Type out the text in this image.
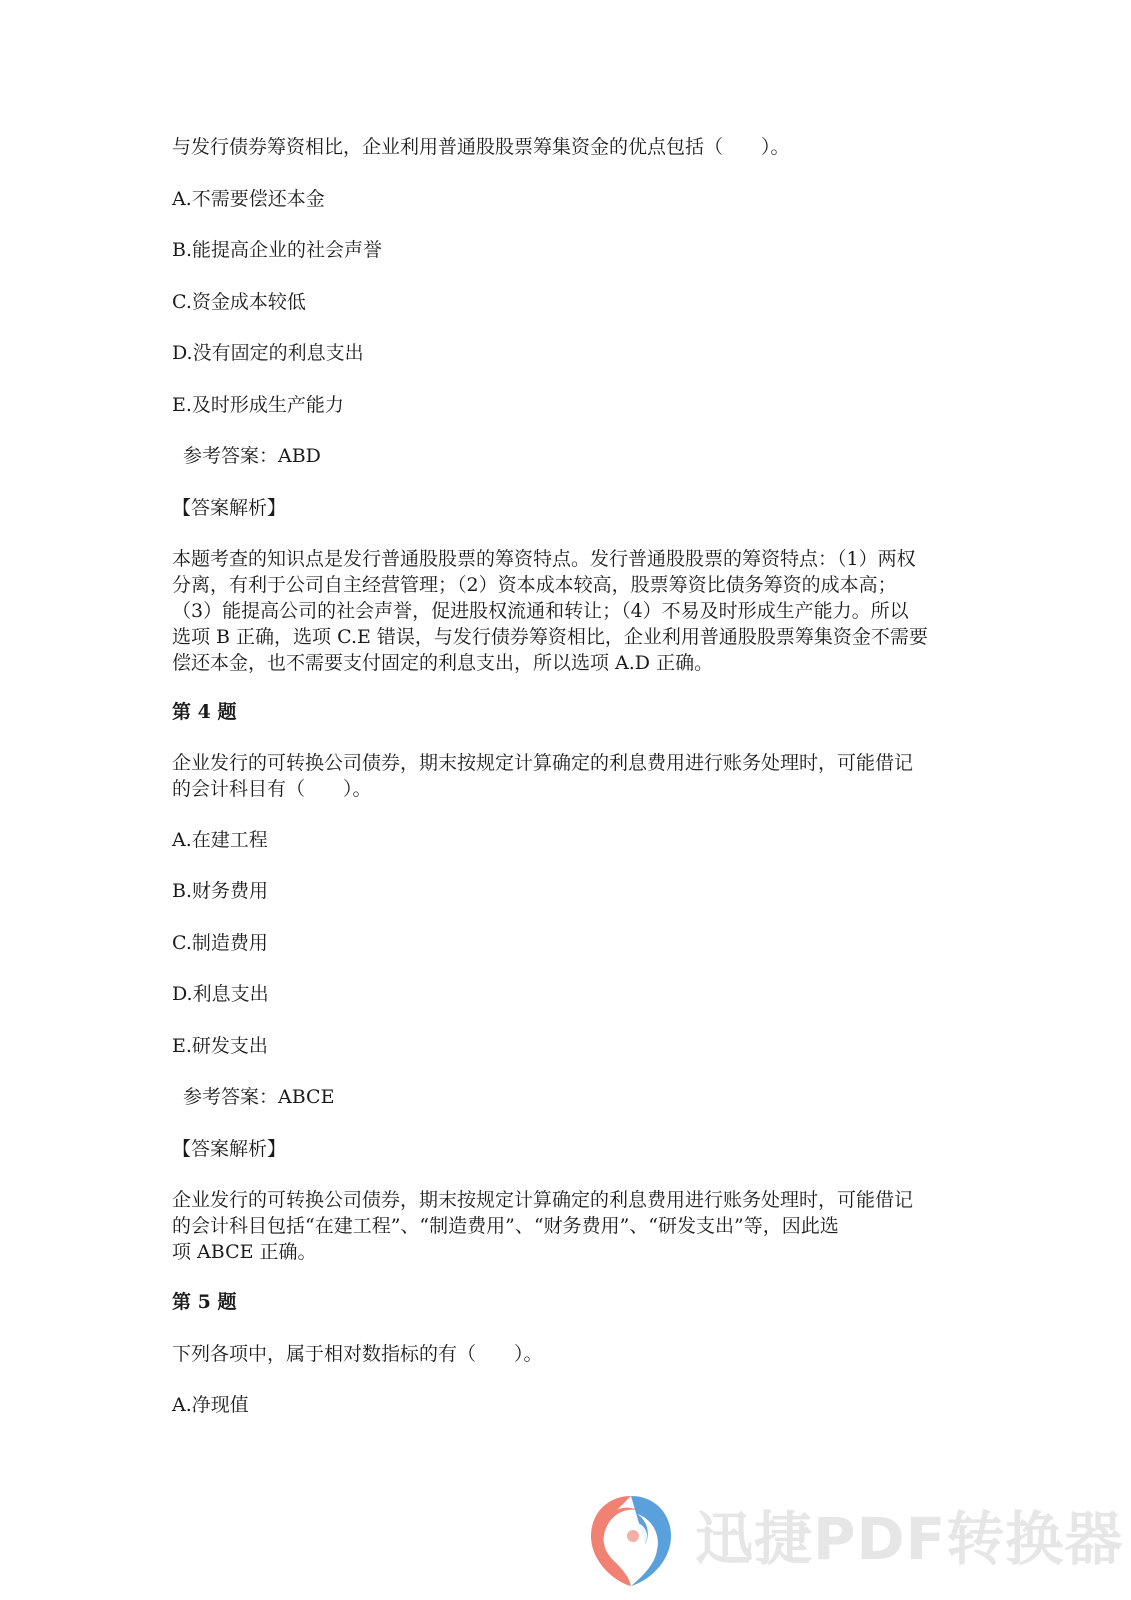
与发行债券筹资相比，企业利用普通股股票筹集资金的优点包括（　　）。
A.不需要偿还本金
B.能提高企业的社会声誉
C.资金成本较低
D.没有固定的利息支出
E.及时形成生产能力
参考答案：ABD
【答案解析】
本题考查的知识点是发行普通股股票的筹资特点。发行普通股股票的筹资特点：（1）两权
分离，有利于公司自主经营管理；（2）资本成本较高，股票筹资比债务筹资的成本高；
（3）能提高公司的社会声誉，促进股权流通和转让；（4）不易及时形成生产能力。所以
选项 B 正确，选项 C.E 错误，与发行债券筹资相比，企业利用普通股股票筹集资金不需要
偿还本金，也不需要支付固定的利息支出，所以选项 A.D 正确。
第 4 题
企业发行的可转换公司债券，期末按规定计算确定的利息费用进行账务处理时，可能借记
的会计科目有（　　）。
A.在建工程
B.财务费用
C.制造费用
D.利息支出
E.研发支出
参考答案：ABCE
【答案解析】
企业发行的可转换公司债券，期末按规定计算确定的利息费用进行账务处理时，可能借记
的会计科目包括“在建工程”、“制造费用”、“财务费用”、“研发支出”等，因此选
项 ABCE 正确。
第 5 题
下列各项中，属于相对数指标的有（　　）。
A.净现值
迅捷PDF转换器
